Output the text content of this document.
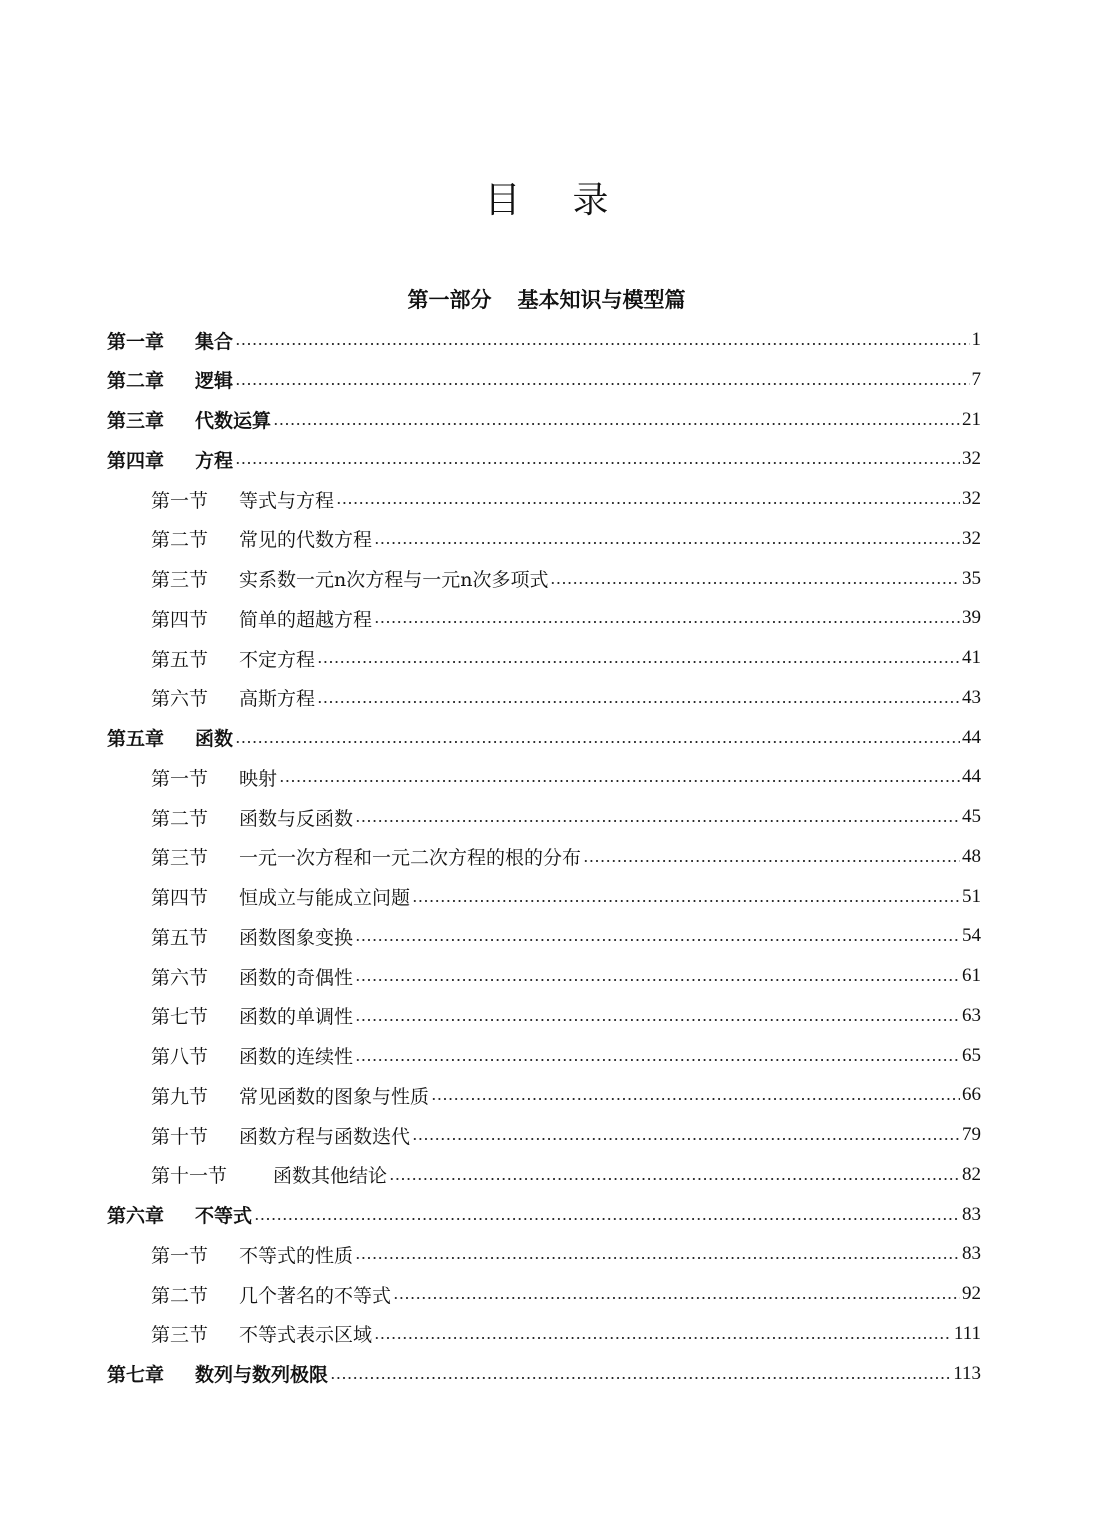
目录
第一部分 基本知识与模型篇
第一章	集合	1
第二章	逻辑	7
第三章	代数运算	21
第四章	方程	32
第一节	等式与方程	32
第二节	常见的代数方程	32
第三节	实系数一元n次方程与一元n次多项式	35
第四节	简单的超越方程	39
第五节	不定方程	41
第六节	高斯方程	43
第五章	函数	44
第一节	映射	44
第二节	函数与反函数	45
第三节	一元一次方程和一元二次方程的根的分布	48
第四节	恒成立与能成立问题	51
第五节	函数图象变换	54
第六节	函数的奇偶性	61
第七节	函数的单调性	63
第八节	函数的连续性	65
第九节	常见函数的图象与性质	66
第十节	函数方程与函数迭代	79
第十一节	函数其他结论	82
第六章	不等式	83
第一节	不等式的性质	83
第二节	几个著名的不等式	92
第三节	不等式表示区域	111
第七章	数列与数列极限	113
